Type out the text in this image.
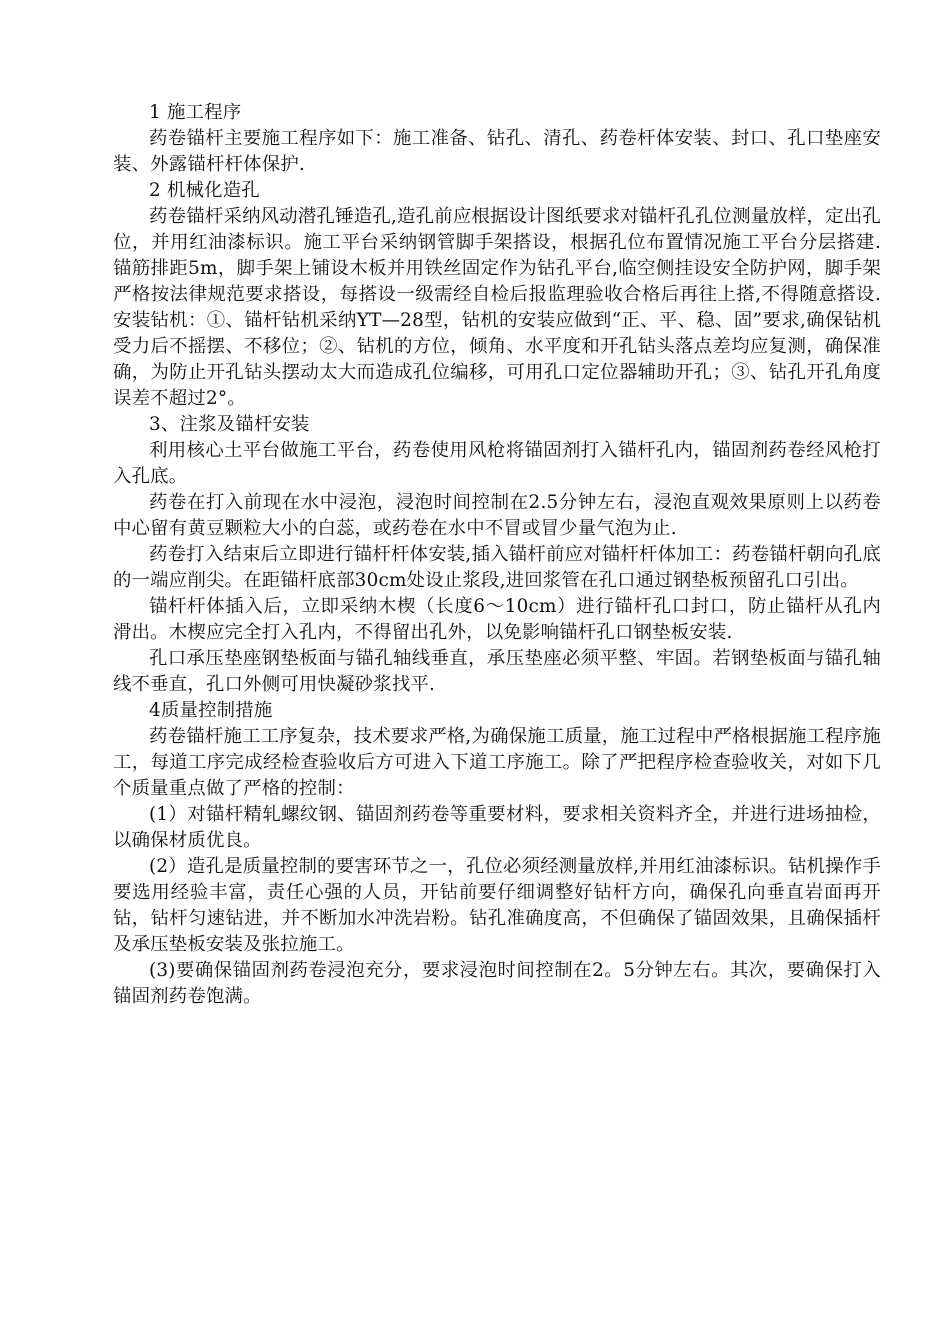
1 施工程序

药卷锚杆主要施工程序如下：施工准备、钻孔、清孔、药卷杆体安装、封口、孔口垫座安装、外露锚杆杆体保护.

2 机械化造孔

药卷锚杆采纳风动潜孔锤造孔,造孔前应根据设计图纸要求对锚杆孔孔位测量放样，定出孔位，并用红油漆标识。施工平台采纳钢管脚手架搭设，根据孔位布置情况施工平台分层搭建.锚筋排距5m，脚手架上铺设木板并用铁丝固定作为钻孔平台,临空侧挂设安全防护网，脚手架严格按法律规范要求搭设，每搭设一级需经自检后报监理验收合格后再往上搭,不得随意搭设.安装钻机：①、锚杆钻机采纳YT—28型，钻机的安装应做到“正、平、稳、固”要求,确保钻机受力后不摇摆、不移位；②、钻机的方位，倾角、水平度和开孔钻头落点差均应复测，确保准确，为防止开孔钻头摆动太大而造成孔位编移，可用孔口定位器辅助开孔；③、钻孔开孔角度误差不超过2°。

3、注浆及锚杆安装

利用核心土平台做施工平台，药卷使用风枪将锚固剂打入锚杆孔内，锚固剂药卷经风枪打入孔底。

药卷在打入前现在水中浸泡，浸泡时间控制在2.5分钟左右，浸泡直观效果原则上以药卷中心留有黄豆颗粒大小的白蕊，或药卷在水中不冒或冒少量气泡为止.

药卷打入结束后立即进行锚杆杆体安装,插入锚杆前应对锚杆杆体加工：药卷锚杆朝向孔底的一端应削尖。在距锚杆底部30cm处设止浆段,进回浆管在孔口通过钢垫板预留孔口引出。

锚杆杆体插入后，立即采纳木楔（长度6～10cm）进行锚杆孔口封口，防止锚杆从孔内滑出。木楔应完全打入孔内，不得留出孔外，以免影响锚杆孔口钢垫板安装.

孔口承压垫座钢垫板面与锚孔轴线垂直，承压垫座必须平整、牢固。若钢垫板面与锚孔轴线不垂直，孔口外侧可用快凝砂浆找平.

4质量控制措施

药卷锚杆施工工序复杂，技术要求严格,为确保施工质量，施工过程中严格根据施工程序施工，每道工序完成经检查验收后方可进入下道工序施工。除了严把程序检查验收关，对如下几个质量重点做了严格的控制：

(1）对锚杆精轧螺纹钢、锚固剂药卷等重要材料，要求相关资料齐全，并进行进场抽检，以确保材质优良。

(2）造孔是质量控制的要害环节之一，孔位必须经测量放样,并用红油漆标识。钻机操作手要选用经验丰富，责任心强的人员，开钻前要仔细调整好钻杆方向，确保孔向垂直岩面再开钻，钻杆匀速钻进，并不断加水冲洗岩粉。钻孔准确度高，不但确保了锚固效果，且确保插杆及承压垫板安装及张拉施工。

(3)要确保锚固剂药卷浸泡充分，要求浸泡时间控制在2。5分钟左右。其次，要确保打入锚固剂药卷饱满。
